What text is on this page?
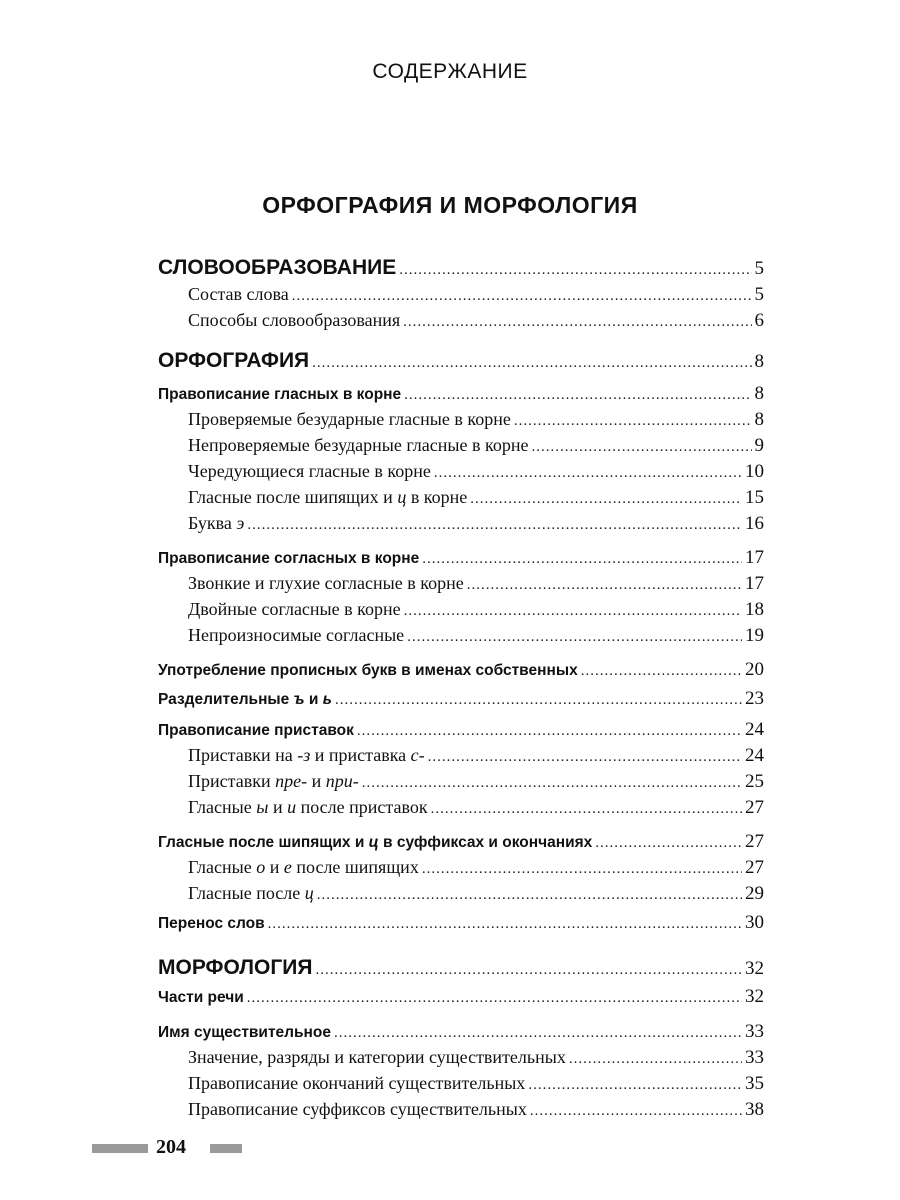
СОДЕРЖАНИЕ
ОРФОГРАФИЯ И МОРФОЛОГИЯ
СЛОВООБРАЗОВАНИЕ .....	5
Состав слова .....	5
Способы словообразования .....	6
ОРФОГРАФИЯ .....	8
Правописание гласных в корне .....	8
Проверяемые безударные гласные в корне .....	8
Непроверяемые безударные гласные в корне .....	9
Чередующиеся гласные в корне .....	10
Гласные после шипящих и ц в корне .....	15
Буква э .....	16
Правописание согласных в корне .....	17
Звонкие и глухие согласные в корне .....	17
Двойные согласные в корне .....	18
Непроизносимые согласные .....	19
Употребление прописных букв в именах собственных .....	20
Разделительные ъ и ь .....	23
Правописание приставок .....	24
Приставки на -з и приставка с- .....	24
Приставки пре- и при- .....	25
Гласные ы и и после приставок .....	27
Гласные после шипящих и ц в суффиксах и окончаниях .....	27
Гласные о и е после шипящих .....	27
Гласные после ц .....	29
Перенос слов .....	30
МОРФОЛОГИЯ .....	32
Части речи .....	32
Имя существительное .....	33
Значение, разряды и категории существительных .....	33
Правописание окончаний существительных .....	35
Правописание суффиксов существительных .....	38
204
